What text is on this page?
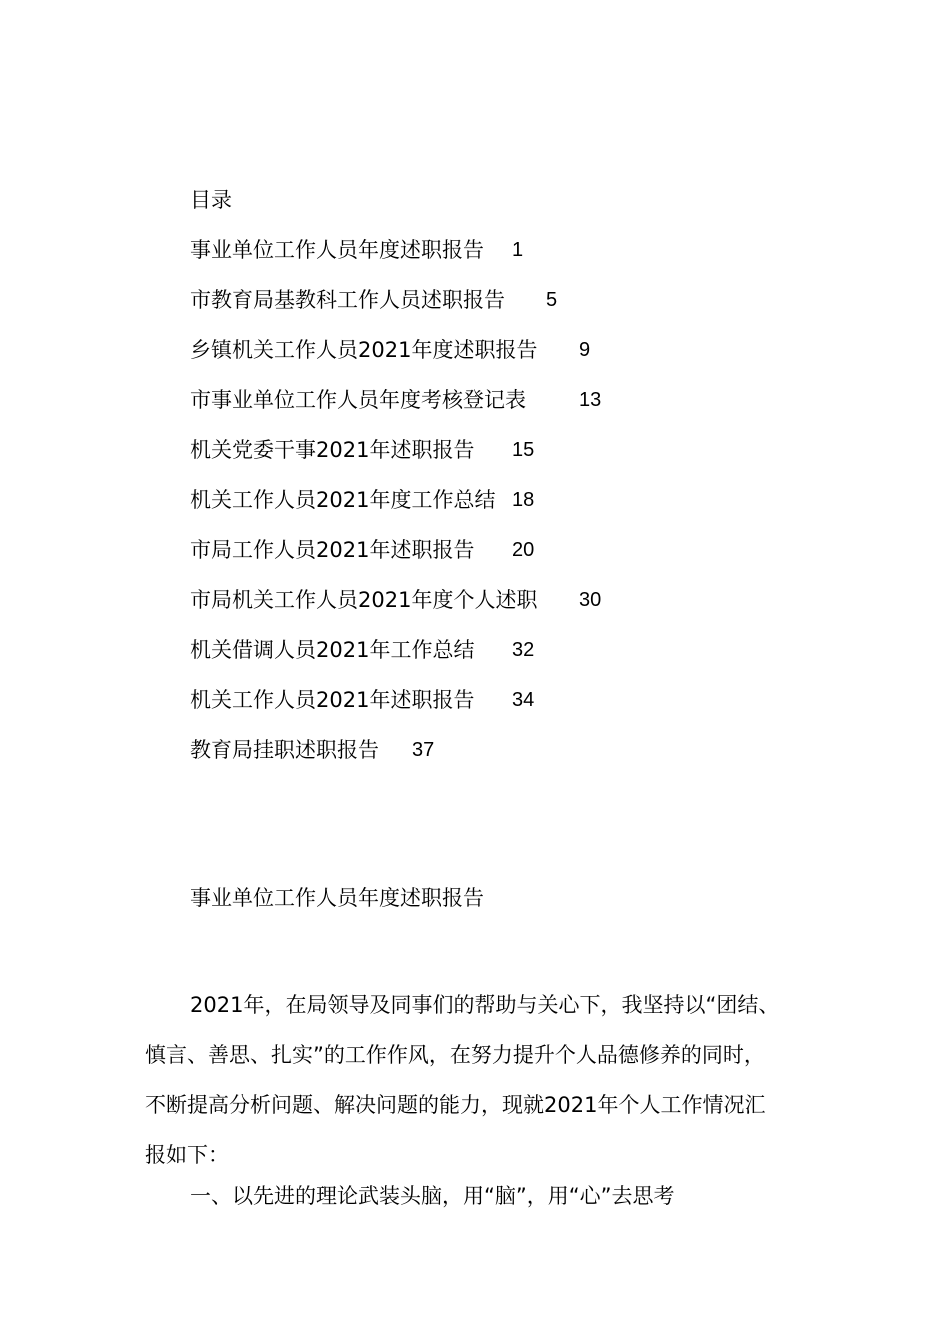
目录
事业单位工作人员年度述职报告 1
市教育局基教科工作人员述职报告 5
乡镇机关工作人员2021年度述职报告 9
市事业单位工作人员年度考核登记表	13
机关党委干事2021年述职报告 15
机关工作人员2021年度工作总结 18
市局工作人员2021年述职报告 20
市局机关工作人员2021年度个人述职 30
机关借调人员2021年工作总结 32
机关工作人员2021年述职报告 34
教育局挂职述职报告 37
事业单位工作人员年度述职报告

2021年，在局领导及同事们的帮助与关心下，我坚持以“团结、
慎言、善思、扎实”的工作作风，在努力提升个人品德修养的同时，
不断提高分析问题、解决问题的能力，现就2021年个人工作情况汇
报如下：

一、以先进的理论武装头脑，用“脑”，用“心”去思考
